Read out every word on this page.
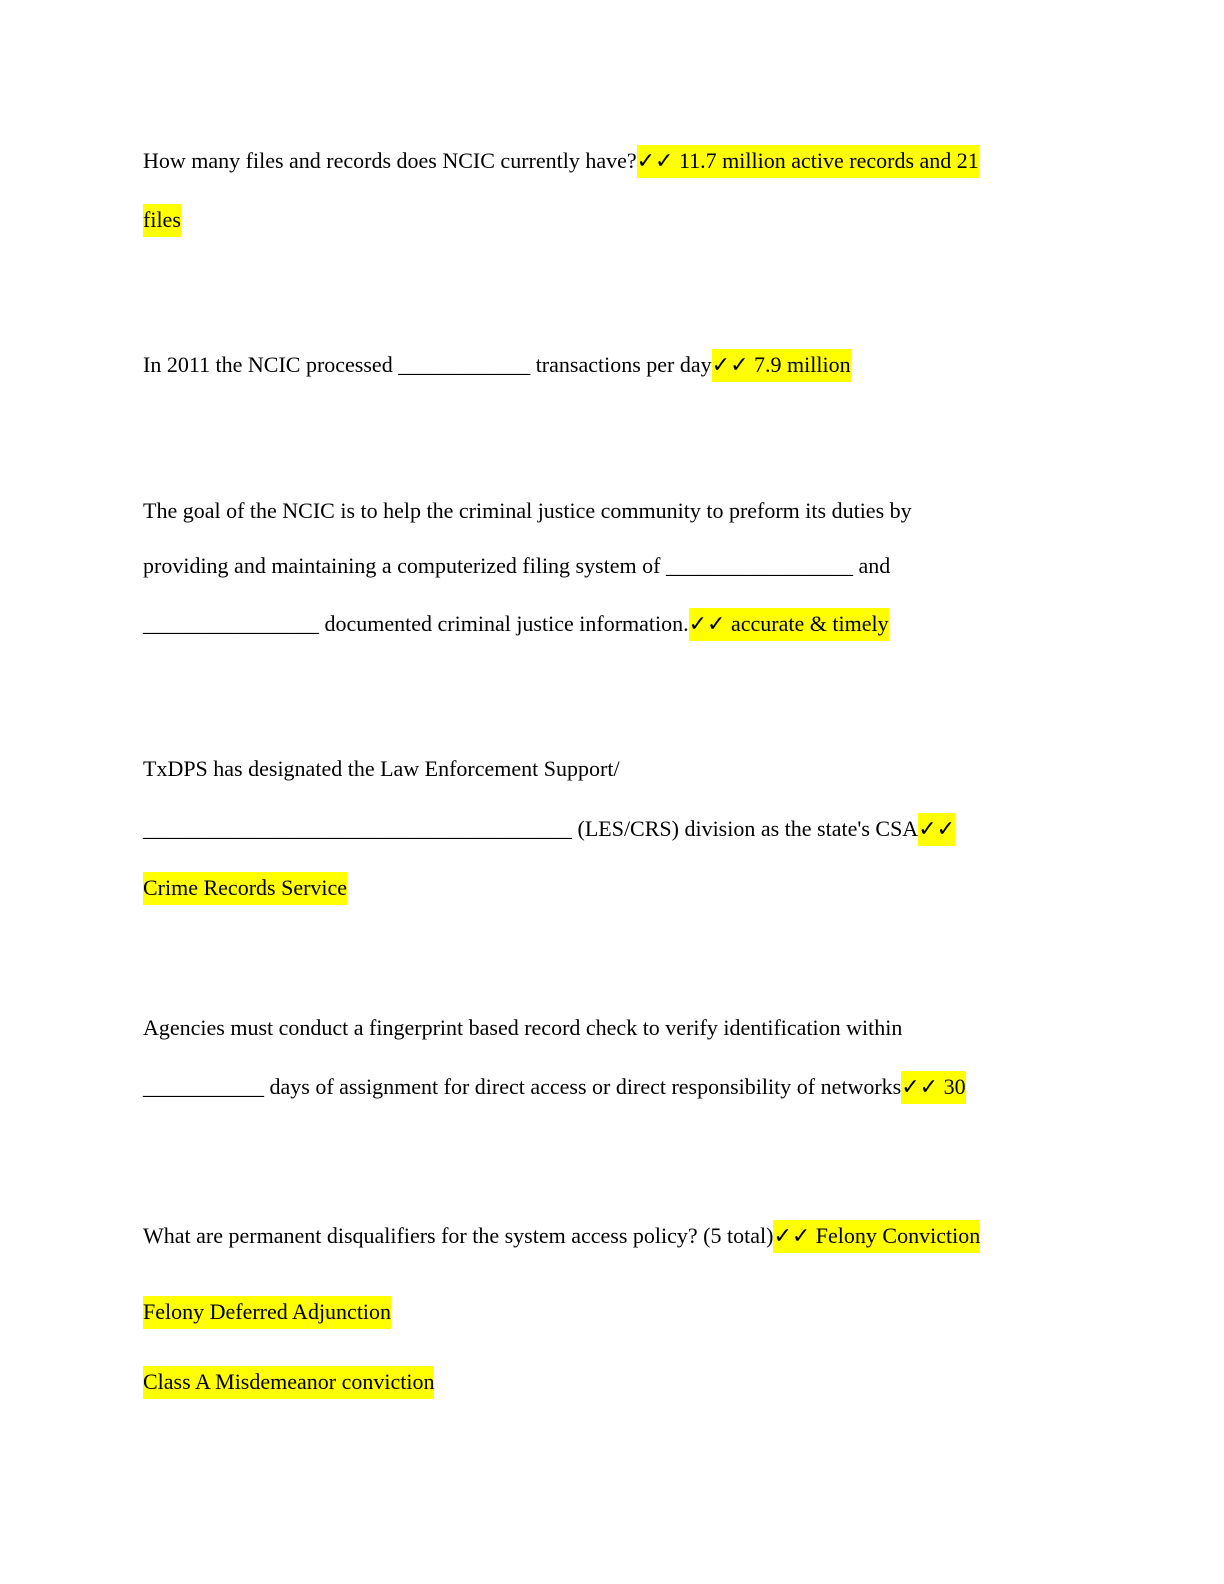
How many files and records does NCIC currently have?✓✓ 11.7 million active records and 21
files
In 2011 the NCIC processed ____________ transactions per day✓✓ 7.9 million
The goal of the NCIC is to help the criminal justice community to preform its duties by
providing and maintaining a computerized filing system of _________________ and
________________ documented criminal justice information.✓✓ accurate & timely
TxDPS has designated the Law Enforcement Support/
_______________________________________ (LES/CRS) division as the state's CSA✓✓
Crime Records Service
Agencies must conduct a fingerprint based record check to verify identification within
___________ days of assignment for direct access or direct responsibility of networks✓✓ 30
What are permanent disqualifiers for the system access policy? (5 total)✓✓ Felony Conviction
Felony Deferred Adjunction
Class A Misdemeanor conviction
